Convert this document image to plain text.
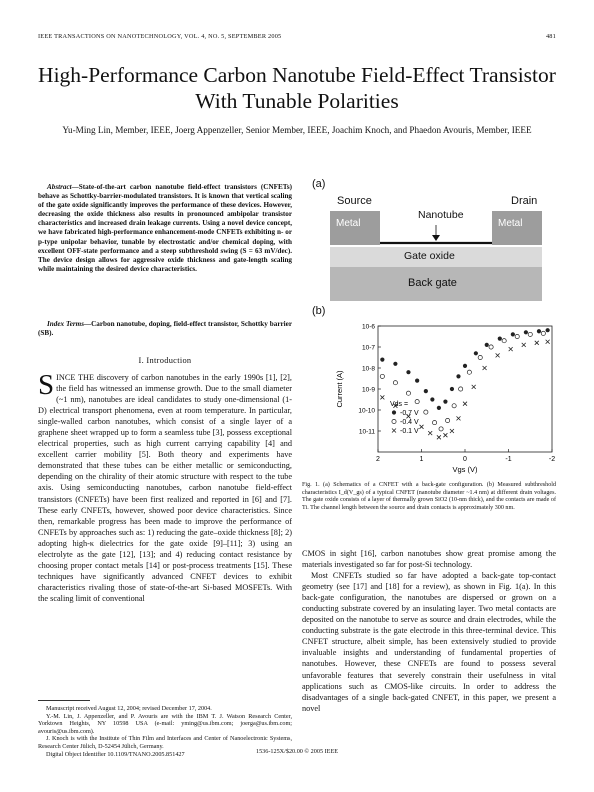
IEEE TRANSACTIONS ON NANOTECHNOLOGY, VOL. 4, NO. 5, SEPTEMBER 2005	481
High-Performance Carbon Nanotube Field-Effect Transistor With Tunable Polarities
Yu-Ming Lin, Member, IEEE, Joerg Appenzeller, Senior Member, IEEE, Joachim Knoch, and Phaedon Avouris, Member, IEEE
Abstract—State-of-the-art carbon nanotube field-effect transistors (CNFETs) behave as Schottky-barrier-modulated transistors. It is known that vertical scaling of the gate oxide significantly improves the performance of these devices. However, decreasing the oxide thickness also results in pronounced ambipolar transistor characteristics and increased drain leakage currents. Using a novel device concept, we have fabricated high-performance enhancement-mode CNFETs exhibiting n- or p-type unipolar behavior, tunable by electrostatic and/or chemical doping, with excellent OFF-state performance and a steep subthreshold swing (S = 63 mV/dec). The device design allows for aggressive oxide thickness and gate-length scaling while maintaining the desired device characteristics.
Index Terms—Carbon nanotube, doping, field-effect transistor, Schottky barrier (SB).
I. Introduction
SINCE THE discovery of carbon nanotubes in the early 1990s [1], [2], the field has witnessed an immense growth. Due to the small diameter (~1 nm), nanotubes are ideal candidates to study one-dimensional (1-D) electrical transport phenomena, even at room temperature. In particular, single-walled carbon nanotubes, which consist of a single layer of a graphene sheet wrapped up to form a seamless tube [3], possess exceptional electrical properties, such as high current carrying capability [4] and excellent carrier mobility [5]. Both theory and experiments have demonstrated that these tubes can be either metallic or semiconducting, depending on the chirality of their atomic structure with respect to the tube axis. Using semiconducting nanotubes, carbon nanotube field-effect transistors (CNFETs) have been first realized and reported in [6] and [7]. These early CNFETs, however, showed poor device characteristics. Since then, remarkable progress has been made to improve the performance of CNFETs by approaches such as: 1) reducing the gate–oxide thickness [8]; 2) adopting high-κ dielectrics for the gate oxide [9]–[11]; 3) using an electrolyte as the gate [12], [13]; and 4) reducing contact resistance by choosing proper contact metals [14] or post-process treatments [15]. These techniques have significantly advanced CNFET devices to exhibit characteristics rivaling those of state-of-the-art Si-based MOSFETs. With the scaling limit of conventional

Manuscript received August 12, 2004; revised December 17, 2004.

Y.-M. Lin, J. Appenzeller, and P. Avouris are with the IBM T. J. Watson Research Center, Yorktown Heights, NY 10598 USA (e-mail: yming@us.ibm.com; joerga@us.ibm.com; avouris@us.ibm.com).

J. Knoch is with the Institute of Thin Film and Interfaces and Center of Nanoelectronic Systems, Research Center Jülich, D-52454 Jülich, Germany.

Digital Object Identifier 10.1109/TNANO.2005.851427	1536-125X/$20.00 © 2005 IEEE
(a)
Source	Drain
Metal	Metal
Nanotube
Gate oxide
Back gate
(b)
2	1	0	-1	-2
10-6
10-7
10-8
10-9
10-10
10-11
Vgs (V)
Current (A)	Vds =
-0.7 V
-0.4 V
-0.1 V
Fig. 1. (a) Schematics of a CNFET with a back-gate configuration. (b) Measured subthreshold characteristics I_d(V_gs) of a typical CNFET (nanotube diameter ~1.4 nm) at different drain voltages. The gate oxide consists of a layer of thermally grown SiO2 (10-nm thick), and the contacts are made of Ti. The channel length between the source and drain contacts is approximately 300 nm.

CMOS in sight [16], carbon nanotubes show great promise among the materials investigated so far for post-Si technology.

Most CNFETs studied so far have adopted a back-gate top-contact geometry (see [17] and [18] for a review), as shown in Fig. 1(a). In this back-gate configuration, the nanotubes are dispersed or grown on a conducting substrate covered by an insulating layer. Two metal contacts are deposited on the nanotube to serve as source and drain electrodes, while the conducting substrate is the gate electrode in this three-terminal device. This CNFET structure, albeit simple, has been extensively studied to provide invaluable insights and understanding of fundamental properties of nanotubes. However, these CNFETs are found to possess several unfavorable features that severely constrain their usefulness in vital applications such as CMOS-like circuits. In order to address the disadvantages of a single back-gated CNFET, in this paper, we present a novel
